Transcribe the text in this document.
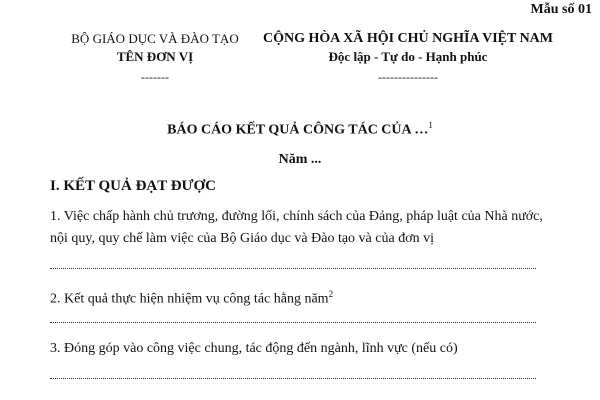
Mẫu số 01
BỘ GIÁO DỤC VÀ ĐÀO TẠO
TÊN ĐƠN VỊ
-------
CỘNG HÒA XÃ HỘI CHỦ NGHĨA VIỆT NAM
Độc lập - Tự do - Hạnh phúc
---------------
BÁO CÁO KẾT QUẢ CÔNG TÁC CỦA …$^1$
Năm ...
I. KẾT QUẢ ĐẠT ĐƯỢC
1. Việc chấp hành chủ trương, đường lối, chính sách của Đảng, pháp luật của Nhà nước,
nội quy, quy chế làm việc của Bộ Giáo dục và Đào tạo và của đơn vị
2. Kết quả thực hiện nhiệm vụ công tác hằng năm$^2$
3. Đóng góp vào công việc chung, tác động đến ngành, lĩnh vực (nếu có)
